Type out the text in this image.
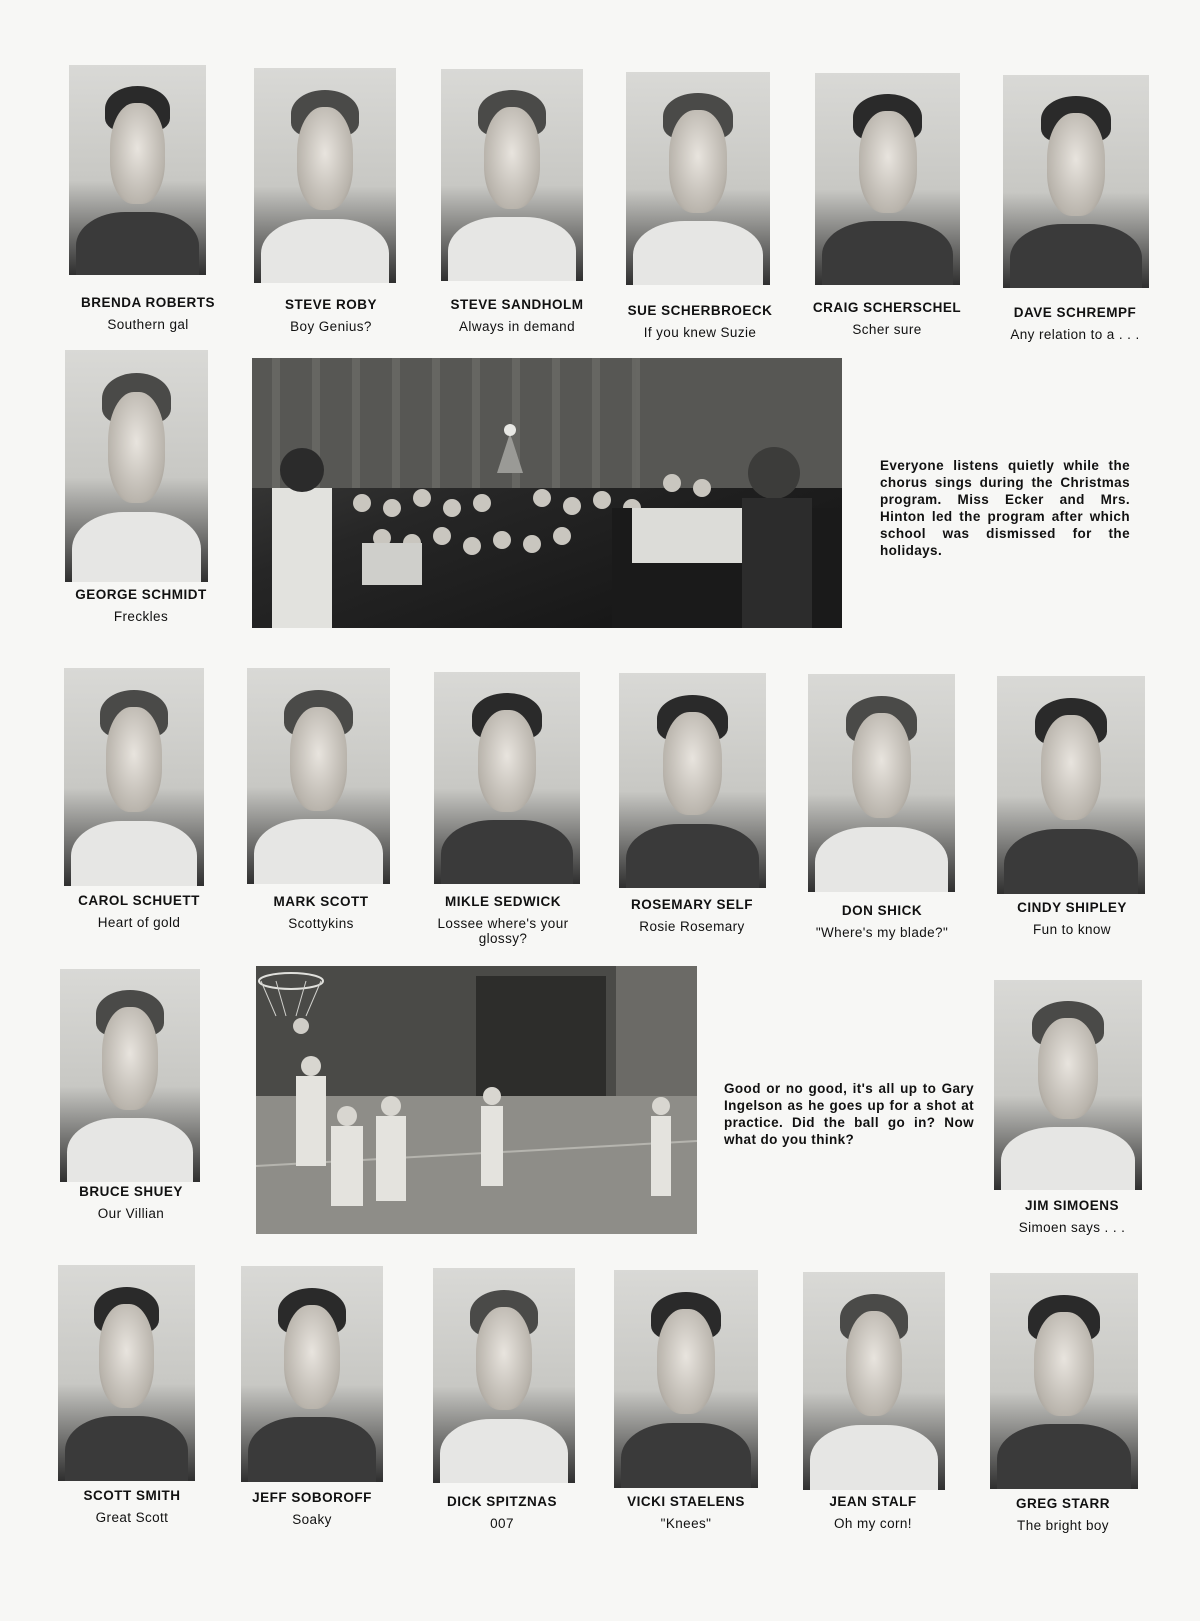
BRENDA ROBERTS
Southern gal
STEVE ROBY
Boy Genius?
STEVE SANDHOLM
Always in demand
SUE SCHERBROECK
If you knew Suzie
CRAIG SCHERSCHEL
Scher sure
DAVE SCHREMPF
Any relation to a . . .
GEORGE SCHMIDT
Freckles
Everyone listens quietly while the chorus sings during the Christmas program. Miss Ecker and Mrs. Hinton led the program after which school was dismissed for the holidays.
CAROL SCHUETT
Heart of gold
MARK SCOTT
Scottykins
MIKLE SEDWICK
Lossee where's your glossy?
ROSEMARY SELF
Rosie Rosemary
DON SHICK
"Where's my blade?"
CINDY SHIPLEY
Fun to know
BRUCE SHUEY
Our Villian
Good or no good, it's all up to Gary Ingelson as he goes up for a shot at practice. Did the ball go in? Now what do you think?
JIM SIMOENS
Simoen says . . .
SCOTT SMITH
Great Scott
JEFF SOBOROFF
Soaky
DICK SPITZNAS
007
VICKI STAELENS
"Knees"
JEAN STALF
Oh my corn!
GREG STARR
The bright boy
